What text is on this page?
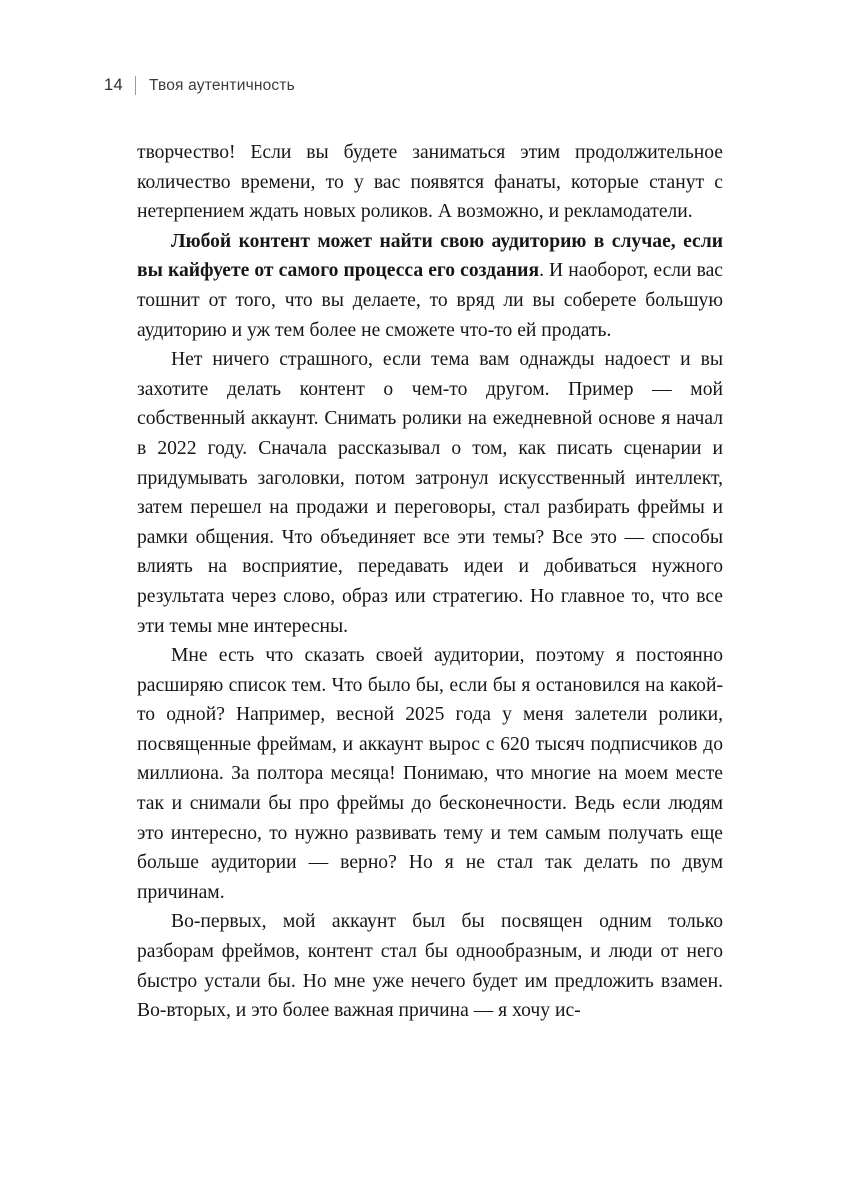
14 Твоя аутентичность

творчество! Если вы будете заниматься этим продолжительное количество времени, то у вас появятся фанаты, которые станут с нетерпением ждать новых роликов. А возможно, и рекламодатели.

Любой контент может найти свою аудиторию в случае, если вы кайфуете от самого процесса его создания. И наоборот, если вас тошнит от того, что вы делаете, то вряд ли вы соберете большую аудиторию и уж тем более не сможете что-то ей продать.

Нет ничего страшного, если тема вам однажды надоест и вы захотите делать контент о чем-то другом. Пример — мой собственный аккаунт. Снимать ролики на ежедневной основе я начал в 2022 году. Сначала рассказывал о том, как писать сценарии и придумывать заголовки, потом затронул искусственный интеллект, затем перешел на продажи и переговоры, стал разбирать фреймы и рамки общения. Что объединяет все эти темы? Все это — способы влиять на восприятие, передавать идеи и добиваться нужного результата через слово, образ или стратегию. Но главное то, что все эти темы мне интересны.

Мне есть что сказать своей аудитории, поэтому я постоянно расширяю список тем. Что было бы, если бы я остановился на какой-то одной? Например, весной 2025 года у меня залетели ролики, посвященные фреймам, и аккаунт вырос с 620 тысяч подписчиков до миллиона. За полтора месяца! Понимаю, что многие на моем месте так и снимали бы про фреймы до бесконечности. Ведь если людям это интересно, то нужно развивать тему и тем самым получать еще больше аудитории — верно? Но я не стал так делать по двум причинам.

Во-первых, мой аккаунт был бы посвящен одним только разборам фреймов, контент стал бы однообразным, и люди от него быстро устали бы. Но мне уже нечего будет им предложить взамен. Во-вторых, и это более важная причина — я хочу ис-
